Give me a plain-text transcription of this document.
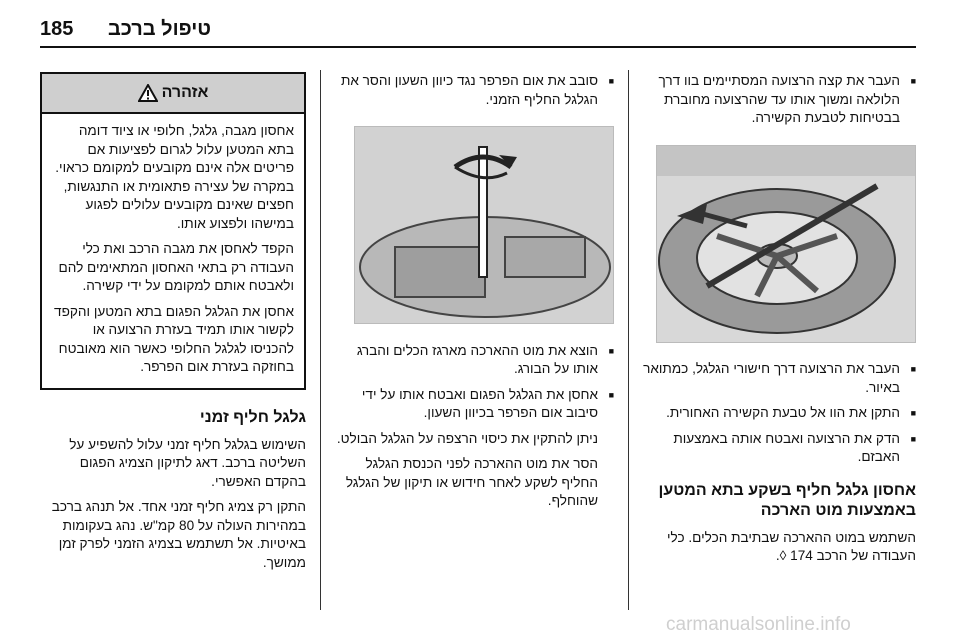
185 טיפול ברכב

■ העבר את קצה הרצועה המסתיימים בוו דרך הלולאה ומשוך אותו עד שהרצועה מחוברת בבטיחות לטבעת הקשירה.

■ העבר את הרצועה דרך חישורי הגלגל, כמתואר באיור.

■ התקן את הוו אל טבעת הקשירה האחורית.

■ הדק את הרצועה ואבטח אותה באמצעות האבזם.

אחסון גלגל חליף בשקע בתא המטען באמצעות מוט הארכה

השתמש במוט ההארכה שבתיבת הכלים. כלי העבודה של הרכב 174 ◊.

■ סובב את אום הפרפר נגד כיוון השעון והסר את הגלגל החליף הזמני.

■ הוצא את מוט ההארכה מארגז הכלים והברג אותו על הבורג.

■ אחסן את הגלגל הפגום ואבטח אותו על ידי סיבוב אום הפרפר בכיוון השעון.

ניתן להתקין את כיסוי הרצפה על הגלגל הבולט.

הסר את מוט ההארכה לפני הכנסת הגלגל החליף לשקע לאחר חידוש או תיקון של הגלגל שהוחלף.

אזהרה

אחסון מגבה, גלגל, חלופי או ציוד דומה בתא המטען עלול לגרום לפציעות אם פריטים אלה אינם מקובעים למקומם כראוי. במקרה של עצירה פתאומית או התנגשות, חפצים שאינם מקובעים עלולים לפגוע במישהו ולפצוע אותו.

הקפד לאחסן את מגבה הרכב ואת כלי העבודה רק בתאי האחסון המתאימים להם ולאבטח אותם למקומם על ידי קשירה.

אחסן את הגלגל הפגום בתא המטען והקפד לקשור אותו תמיד בעזרת הרצועה או להכניסו לגלגל החלופי כאשר הוא מאובטח בחוזקה בעזרת אום הפרפר.

גלגל חליף זמני

השימוש בגלגל חליף זמני עלול להשפיע על השליטה ברכב. דאג לתיקון הצמיג הפגום בהקדם האפשרי.

התקן רק צמיג חליף זמני אחד. אל תנהג ברכב במהירות העולה על 80 קמ"ש. נהג בעקומות באיטיות. אל תשתמש בצמיג הזמני לפרק זמן ממושך.

carmanualsonline.info
